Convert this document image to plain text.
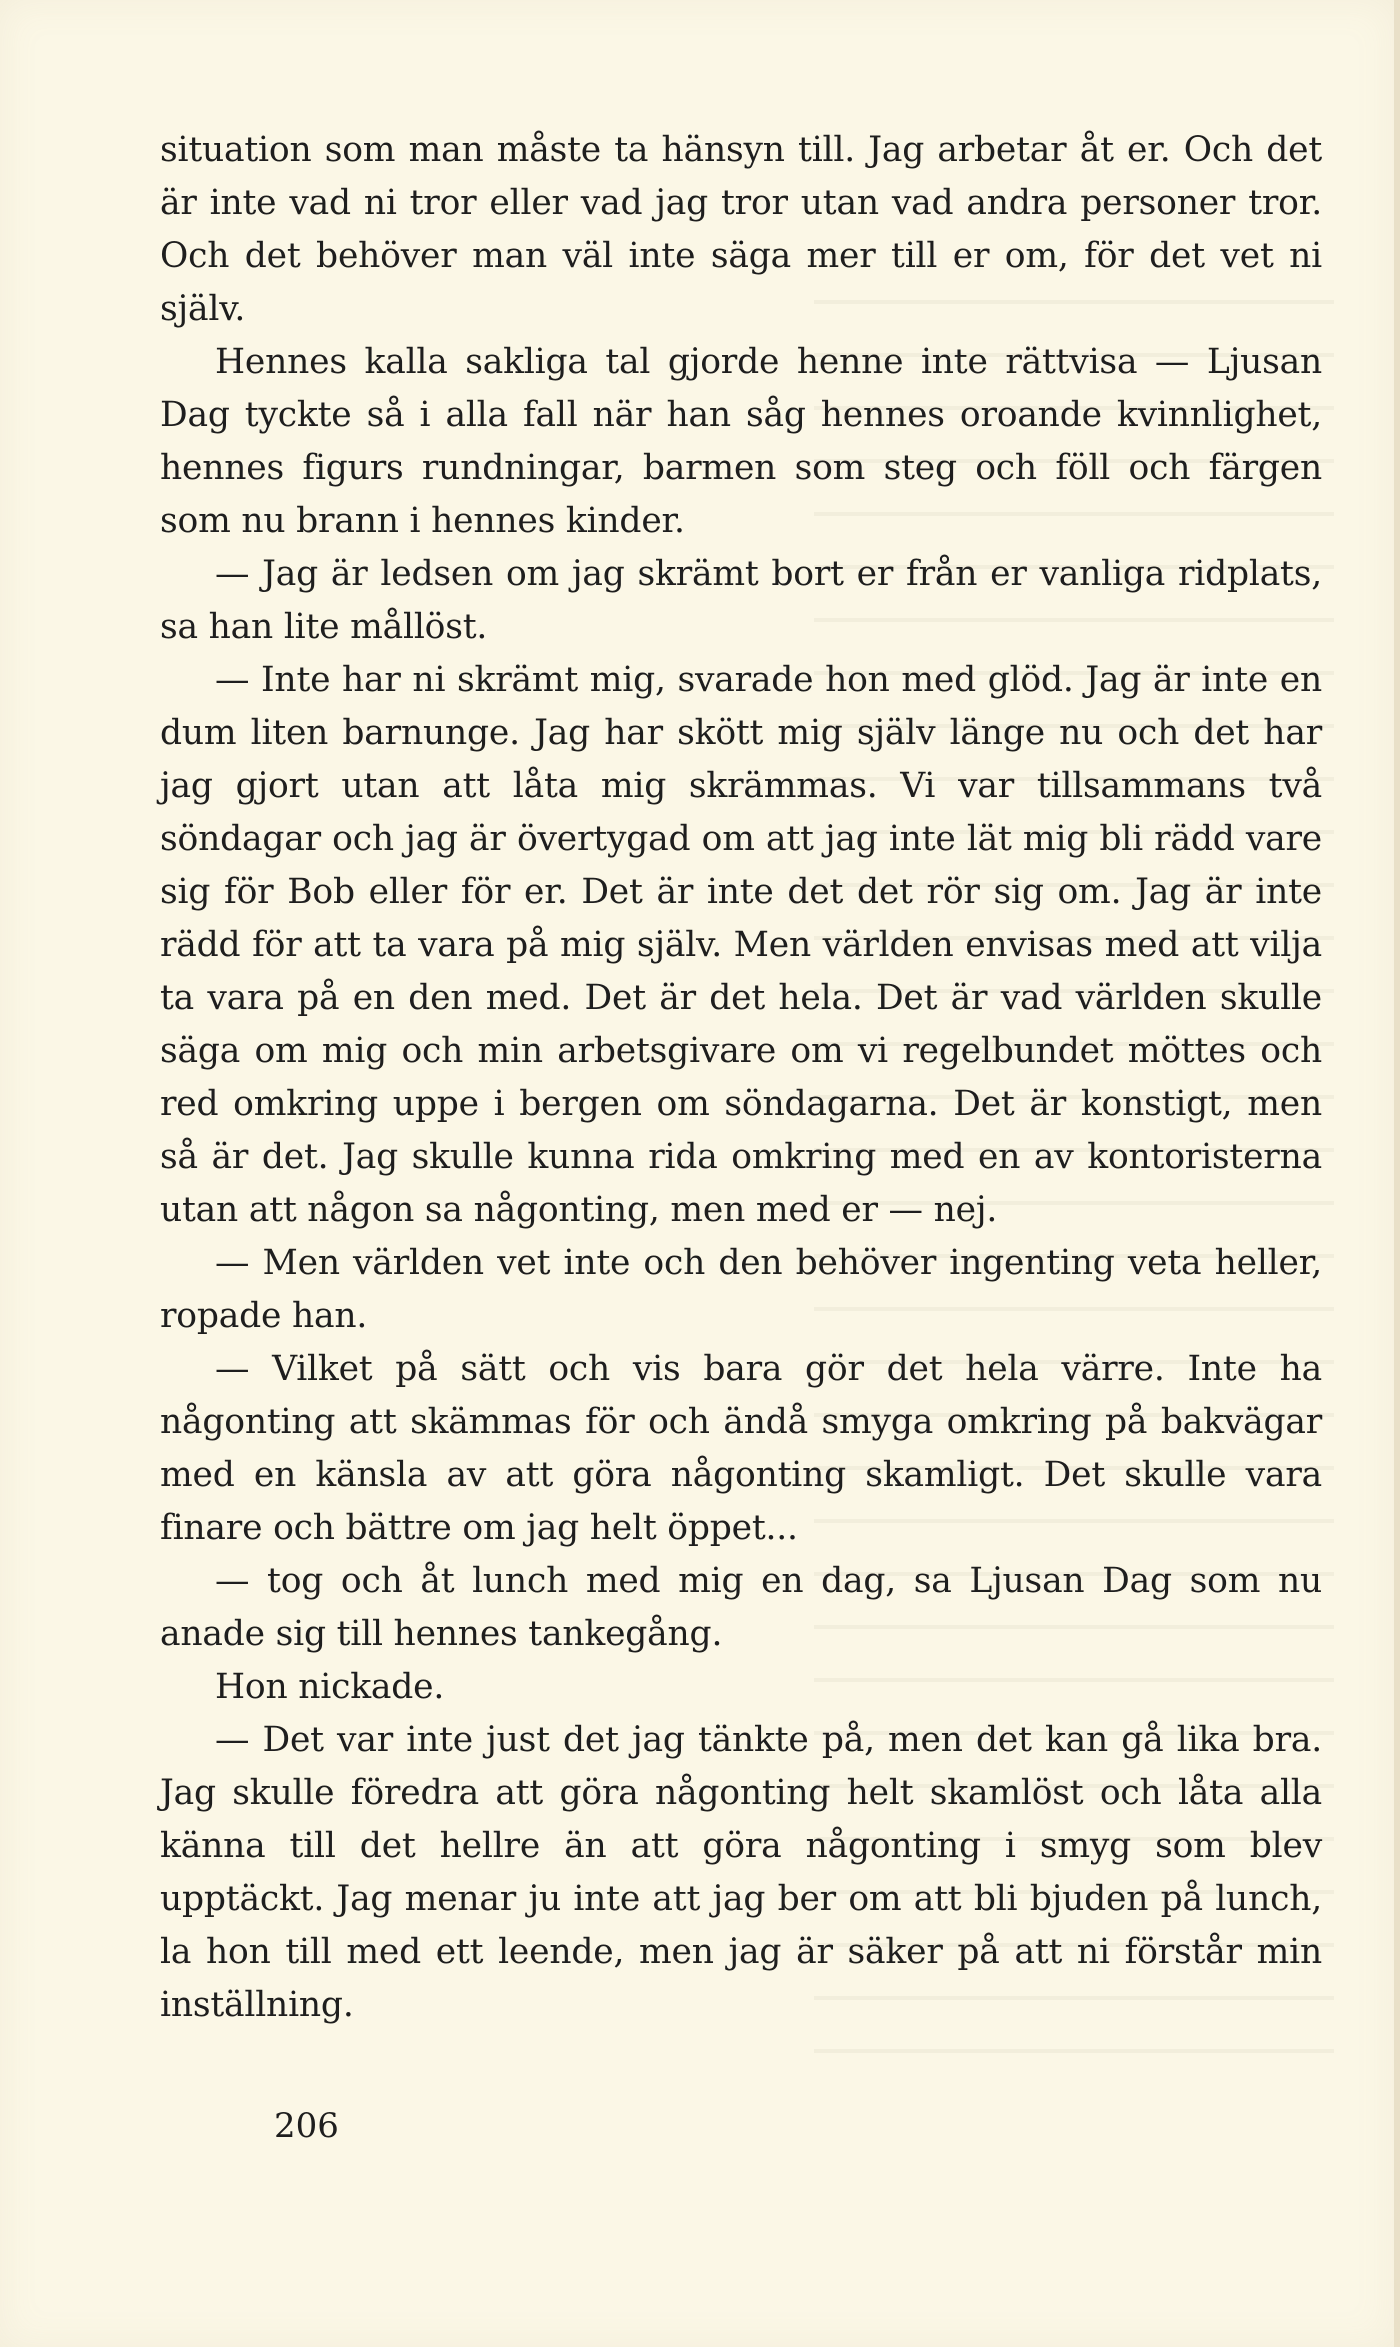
situation som man måste ta hänsyn till. Jag arbetar åt er. Och det är inte vad ni tror eller vad jag tror utan vad andra personer tror. Och det behöver man väl inte säga mer till er om, för det vet ni själv.

Hennes kalla sakliga tal gjorde henne inte rättvisa — Ljusan Dag tyckte så i alla fall när han såg hennes oroande kvinnlighet, hennes figurs rundningar, barmen som steg och föll och färgen som nu brann i hennes kinder.

— Jag är ledsen om jag skrämt bort er från er vanliga ridplats, sa han lite mållöst.

— Inte har ni skrämt mig, svarade hon med glöd. Jag är inte en dum liten barnunge. Jag har skött mig själv länge nu och det har jag gjort utan att låta mig skrämmas. Vi var tillsammans två söndagar och jag är övertygad om att jag inte lät mig bli rädd vare sig för Bob eller för er. Det är inte det det rör sig om. Jag är inte rädd för att ta vara på mig själv. Men världen envisas med att vilja ta vara på en den med. Det är det hela. Det är vad världen skulle säga om mig och min arbetsgivare om vi regelbundet möttes och red omkring uppe i bergen om söndagarna. Det är konstigt, men så är det. Jag skulle kunna rida omkring med en av kontoristerna utan att någon sa någonting, men med er — nej.

— Men världen vet inte och den behöver ingenting veta heller, ropade han.

— Vilket på sätt och vis bara gör det hela värre. Inte ha någonting att skämmas för och ändå smyga omkring på bakvägar med en känsla av att göra någonting skamligt. Det skulle vara finare och bättre om jag helt öppet...

— tog och åt lunch med mig en dag, sa Ljusan Dag som nu anade sig till hennes tankegång.

Hon nickade.

— Det var inte just det jag tänkte på, men det kan gå lika bra. Jag skulle föredra att göra någonting helt skamlöst och låta alla känna till det hellre än att göra någonting i smyg som blev upptäckt. Jag menar ju inte att jag ber om att bli bjuden på lunch, la hon till med ett leende, men jag är säker på att ni förstår min inställning.

206
